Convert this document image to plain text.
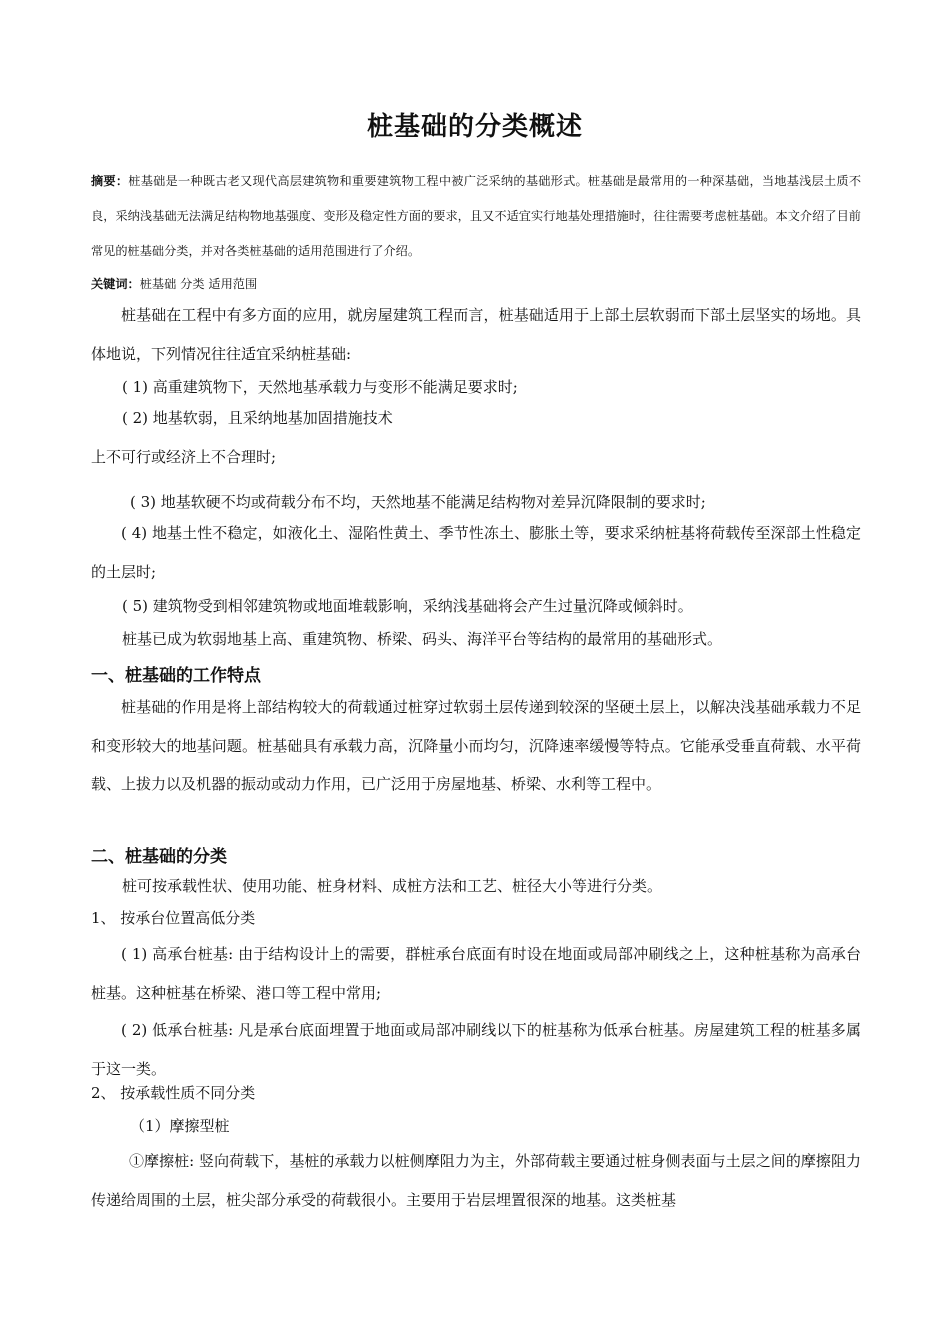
桩基础的分类概述
摘要：桩基础是一种既古老又现代高层建筑物和重要建筑物工程中被广泛采纳的基础形式。桩基础是最常用的一种深基础，当地基浅层土质不良，采纳浅基础无法满足结构物地基强度、变形及稳定性方面的要求，且又不适宜实行地基处理措施时，往往需要考虑桩基础。本文介绍了目前常见的桩基础分类，并对各类桩基础的适用范围进行了介绍。
关键词：桩基础 分类 适用范围
桩基础在工程中有多方面的应用，就房屋建筑工程而言，桩基础适用于上部土层软弱而下部土层坚实的场地。具体地说，下列情况往往适宜采纳桩基础:
( 1) 高重建筑物下，天然地基承载力与变形不能满足要求时;
( 2) 地基软弱，且采纳地基加固措施技术
上不可行或经济上不合理时;
( 3) 地基软硬不均或荷载分布不均，天然地基不能满足结构物对差异沉降限制的要求时;
( 4) 地基土性不稳定，如液化土、湿陷性黄土、季节性冻土、膨胀土等，要求采纳桩基将荷载传至深部土性稳定的土层时;
( 5) 建筑物受到相邻建筑物或地面堆载影响，采纳浅基础将会产生过量沉降或倾斜时。
桩基已成为软弱地基上高、重建筑物、桥梁、码头、海洋平台等结构的最常用的基础形式。
一、桩基础的工作特点
桩基础的作用是将上部结构较大的荷载通过桩穿过软弱土层传递到较深的坚硬土层上，以解决浅基础承载力不足和变形较大的地基问题。桩基础具有承载力高，沉降量小而均匀，沉降速率缓慢等特点。它能承受垂直荷载、水平荷载、上拔力以及机器的振动或动力作用，已广泛用于房屋地基、桥梁、水利等工程中。
二、桩基础的分类
桩可按承载性状、使用功能、桩身材料、成桩方法和工艺、桩径大小等进行分类。
1、 按承台位置高低分类
( 1) 高承台桩基: 由于结构设计上的需要，群桩承台底面有时设在地面或局部冲刷线之上，这种桩基称为高承台桩基。这种桩基在桥梁、港口等工程中常用;
( 2) 低承台桩基: 凡是承台底面埋置于地面或局部冲刷线以下的桩基称为低承台桩基。房屋建筑工程的桩基多属于这一类。
2、 按承载性质不同分类
（1）摩擦型桩
①摩擦桩: 竖向荷载下，基桩的承载力以桩侧摩阻力为主，外部荷载主要通过桩身侧表面与土层之间的摩擦阻力传递给周围的土层，桩尖部分承受的荷载很小。主要用于岩层埋置很深的地基。这类桩基
